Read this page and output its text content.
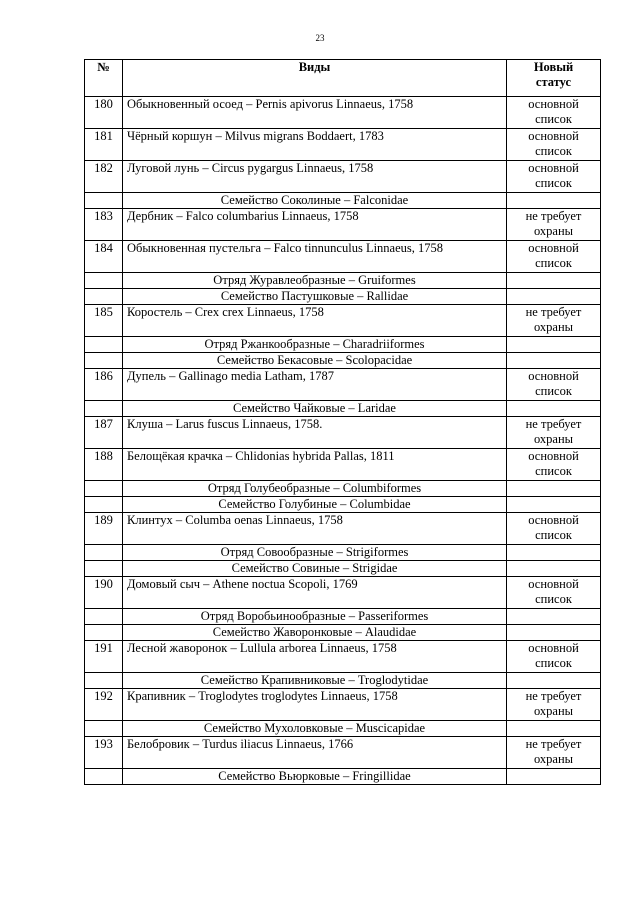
23
№	Виды	Новый
статус
180	Обыкновенный осоед – Pernis apivorus Linnaeus, 1758	основной
список
181	Чёрный коршун – Milvus migrans Boddaert, 1783	основной
список
182	Луговой лунь – Circus pygargus Linnaeus, 1758	основной
список
	Семейство Соколиные – Falconidae	
183	Дербник – Falco columbarius Linnaeus, 1758	не требует
охраны
184	Обыкновенная пустельга – Falco tinnunculus Linnaeus, 1758	основной
список
	Отряд Журавлеобразные – Gruiformes	
	Семейство Пастушковые – Rallidae	
185	Коростель – Crex crex Linnaeus, 1758	не требует
охраны
	Отряд Ржанкообразные – Charadriiformes	
	Семейство Бекасовые – Scolopacidae	
186	Дупель – Gallinago media Latham, 1787	основной
список
	Семейство Чайковые – Laridae	
187	Клуша – Larus fuscus Linnaeus, 1758.	не требует
охраны
188	Белощёкая крачка – Chlidonias hybrida Pallas, 1811	основной
список
	Отряд Голубеобразные – Columbiformes	
	Семейство Голубиные – Columbidae	
189	Клинтух – Columba oenas Linnaeus, 1758	основной
список
	Отряд Совообразные – Strigiformes	
	Семейство Совиные – Strigidae	
190	Домовый сыч – Athene noctua Scopoli, 1769	основной
список
	Отряд Воробьинообразные – Passeriformes	
	Семейство Жаворонковые – Alaudidae	
191	Лесной жаворонок – Lullula arborea Linnaeus, 1758	основной
список
	Семейство Крапивниковые – Troglodytidae	
192	Крапивник – Troglodytes troglodytes Linnaeus, 1758	не требует
охраны
	Семейство Мухоловковые – Muscicapidae	
193	Белобровик – Turdus iliacus Linnaeus, 1766	не требует
охраны
	Семейство Вьюрковые – Fringillidae	
